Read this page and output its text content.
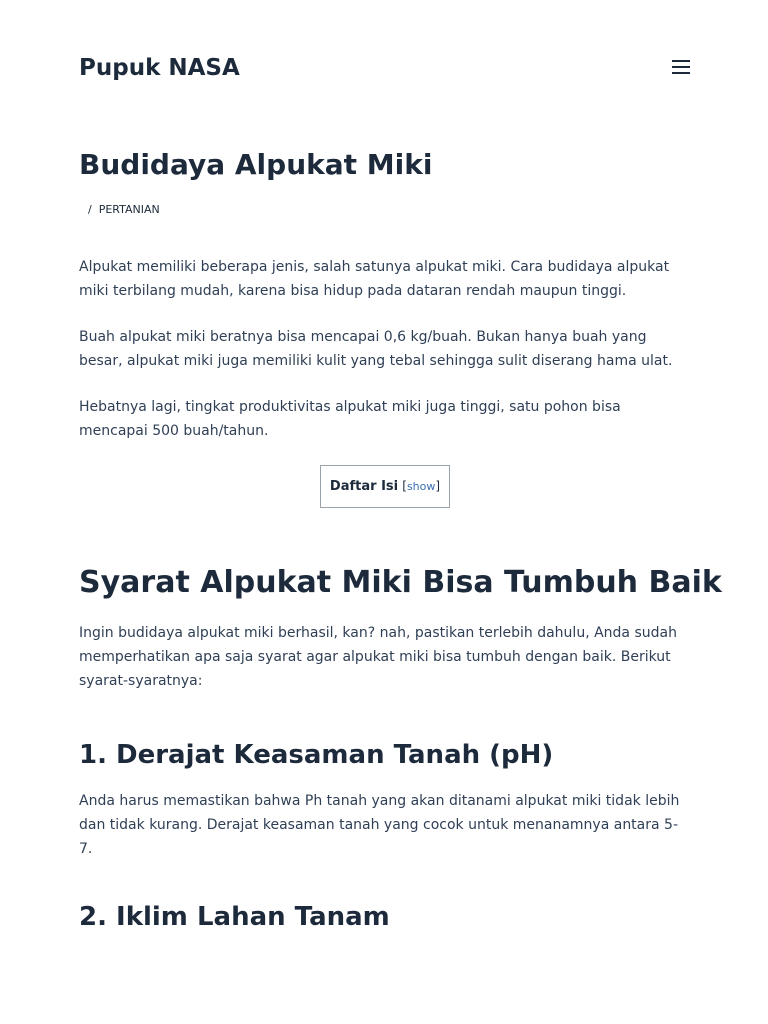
Pupuk NASA
Budidaya Alpukat Miki
/ PERTANIAN

Alpukat memiliki beberapa jenis, salah satunya alpukat miki. Cara budidaya alpukat miki terbilang mudah, karena bisa hidup pada dataran rendah maupun tinggi.

Buah alpukat miki beratnya bisa mencapai 0,6 kg/buah. Bukan hanya buah yang besar, alpukat miki juga memiliki kulit yang tebal sehingga sulit diserang hama ulat.

Hebatnya lagi, tingkat produktivitas alpukat miki juga tinggi, satu pohon bisa mencapai 500 buah/tahun.

Daftar Isi [show]
Syarat Alpukat Miki Bisa Tumbuh Baik

Ingin budidaya alpukat miki berhasil, kan? nah, pastikan terlebih dahulu, Anda sudah memperhatikan apa saja syarat agar alpukat miki bisa tumbuh dengan baik. Berikut syarat-syaratnya:

1. Derajat Keasaman Tanah (pH)

Anda harus memastikan bahwa Ph tanah yang akan ditanami alpukat miki tidak lebih dan tidak kurang. Derajat keasaman tanah yang cocok untuk menanamnya antara 5-7.

2. Iklim Lahan Tanam
